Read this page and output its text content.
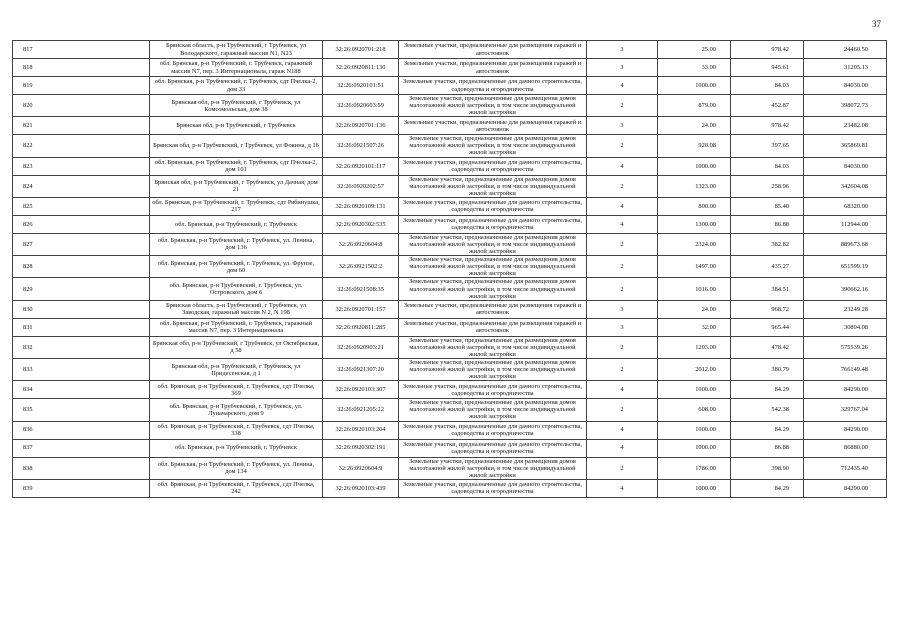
37
817	Брянская область, р-н Трубчевский, г Трубчевск, ул Володарского, гаражный массив N1, N23	32:26:0920701:218	Земельные участки, предназначенные для размещения гаражей и автостоянок	3	25.00	978.42	24460.50
818	обл. Брянская, р-н Трубчевский, г. Трубчевск, гаражный массив N7, пер. 3 Интернационала, гараж N188	32:26:0920811:130	Земельные участки, предназначенные для размещения гаражей и автостоянок	3	33.00	945.61	31205.13
819	обл. Брянская, р-н Трубчевский, г. Трубчевск, сдт Пчелка-2, дом 33	32:26:0920101:51	Земельные участки, предназначенные для дачного строительства, садоводства и огородничества	4	1000.00	84.03	84030.00
820	Брянская обл, р-н Трубчевский, г Трубчевск, ул Комсомольская, дом 38	32:26:0920603:59	Земельные участки, предназначенные для размещения домов малоэтажной жилой застройки, в том числе индивидуальной жилой застройки	2	879.00	452.87	398072.73
821	Брянская обл, р-н Трубчевский, г Трубчевск	32:26:0920701:136	Земельные участки, предназначенные для размещения гаражей и автостоянок	3	24.00	978.42	23482.08
822	Брянская обл, р-н Трубчевский, г Трубчевск, ул Фокина, д 16	32:26:0921507:26	Земельные участки, предназначенные для размещения домов малоэтажной жилой застройки, в том числе индивидуальной жилой застройки	2	920.08	397.65	365869.81
823	обл. Брянская, р-н Трубчевский, г. Трубчевск, сдт Пчелка-2, дом 101	32:26:0920101:117	Земельные участки, предназначенные для дачного строительства, садоводства и огородничества	4	1000.00	84.03	84030.00
824	Брянская обл, р-н Трубчевский, г Трубчевск, ул Дачная, дом 21	32:26:0920202:57	Земельные участки, предназначенные для размещения домов малоэтажной жилой застройки, в том числе индивидуальной жилой застройки	2	1323.00	258.96	342604.08
825	обл. Брянская, р-н Трубчевский, г. Трубчевск, сдт Рябинушка, 217	32:26:0920109:131	Земельные участки, предназначенные для дачного строительства, садоводства и огородничества	4	800.00	85.40	68320.00
826	обл. Брянская, р-н Трубчевский, г. Трубчевск	32:26:0920302:535	Земельные участки, предназначенные для дачного строительства, садоводства и огородничества	4	1300.00	86.88	112944.00
827	обл. Брянская, р-н Трубчевский, г. Трубчевск, ул. Ленина, дом 136	32:26:0920604:8	Земельные участки, предназначенные для размещения домов малоэтажной жилой застройки, в том числе индивидуальной жилой застройки	2	2324.00	382.82	889673.68
828	обл. Брянская, р-н Трубчевский, г. Трубчевск, ул. Фрунзе, дом 60	32:26:0921502:2	Земельные участки, предназначенные для размещения домов малоэтажной жилой застройки, в том числе индивидуальной жилой застройки	2	1497.00	435.27	651599.19
829	обл. Брянская, р-н Трубчевский, г. Трубчевск, ул. Островского, дом 6	32:26:0921508:35	Земельные участки, предназначенные для размещения домов малоэтажной жилой застройки, в том числе индивидуальной жилой застройки	2	1016.00	384.51	390662.16
830	Брянская область, р-н Трубчевский, г Трубчевск, ул Заводская, гаражный массив N 2, N 198	32:26:0920701:157	Земельные участки, предназначенные для размещения гаражей и автостоянок	3	24.00	968.72	23249.28
831	обл. Брянская, р-н Трубчевский, г. Трубчевск, гаражный массив N7, пер. 3 Интернационала	32:26:0920811:285	Земельные участки, предназначенные для размещения гаражей и автостоянок	3	32.00	965.44	30894.08
832	Брянская обл, р-н Трубчевский, г Трубчевск, ул Октябрьская, д 58	32:26:0920903:21	Земельные участки, предназначенные для размещения домов малоэтажной жилой застройки, в том числе индивидуальной жилой застройки	2	1203.00	478.42	575539.26
833	Брянская обл, р-н Трубчевский, г Трубчевск, ул Придесенская, д 1	32:26:0921307:20	Земельные участки, предназначенные для размещения домов малоэтажной жилой застройки, в том числе индивидуальной жилой застройки	2	2012.00	380.79	766149.48
834	обл. Брянская, р-н Трубчевский, г. Трубчевск, сдт Пчелка, 369	32:26:0920103:307	Земельные участки, предназначенные для дачного строительства, садоводства и огородничества	4	1000.00	84.29	84290.00
835	обл. Брянская, р-н Трубчевский, г. Трубчевск, ул. Луначарского, дом 9	32:26:0921205:22	Земельные участки, предназначенные для размещения домов малоэтажной жилой застройки, в том числе индивидуальной жилой застройки	2	608.00	542.38	329767.04
836	обл. Брянская, р-н Трубчевский, г. Трубчевск, сдт Пчелка, 338	32:26:0920103:264	Земельные участки, предназначенные для дачного строительства, садоводства и огородничества	4	1000.00	84.29	84290.00
837	обл. Брянская, р-н Трубчевский, г. Трубчевск	32:26:0920302:191	Земельные участки, предназначенные для дачного строительства, садоводства и огородничества	4	1000.00	86.88	86880.00
838	обл. Брянская, р-н Трубчевский, г. Трубчевск, ул. Ленина, дом 134	32:26:0920604:9	Земельные участки, предназначенные для размещения домов малоэтажной жилой застройки, в том числе индивидуальной жилой застройки	2	1786.00	398.90	712435.40
839	обл. Брянская, р-н Трубчевский, г. Трубчевск, сдт Пчелка, 242	32:26:0920103:439	Земельные участки, предназначенные для дачного строительства, садоводства и огородничества	4	1000.00	84.29	84290.00
